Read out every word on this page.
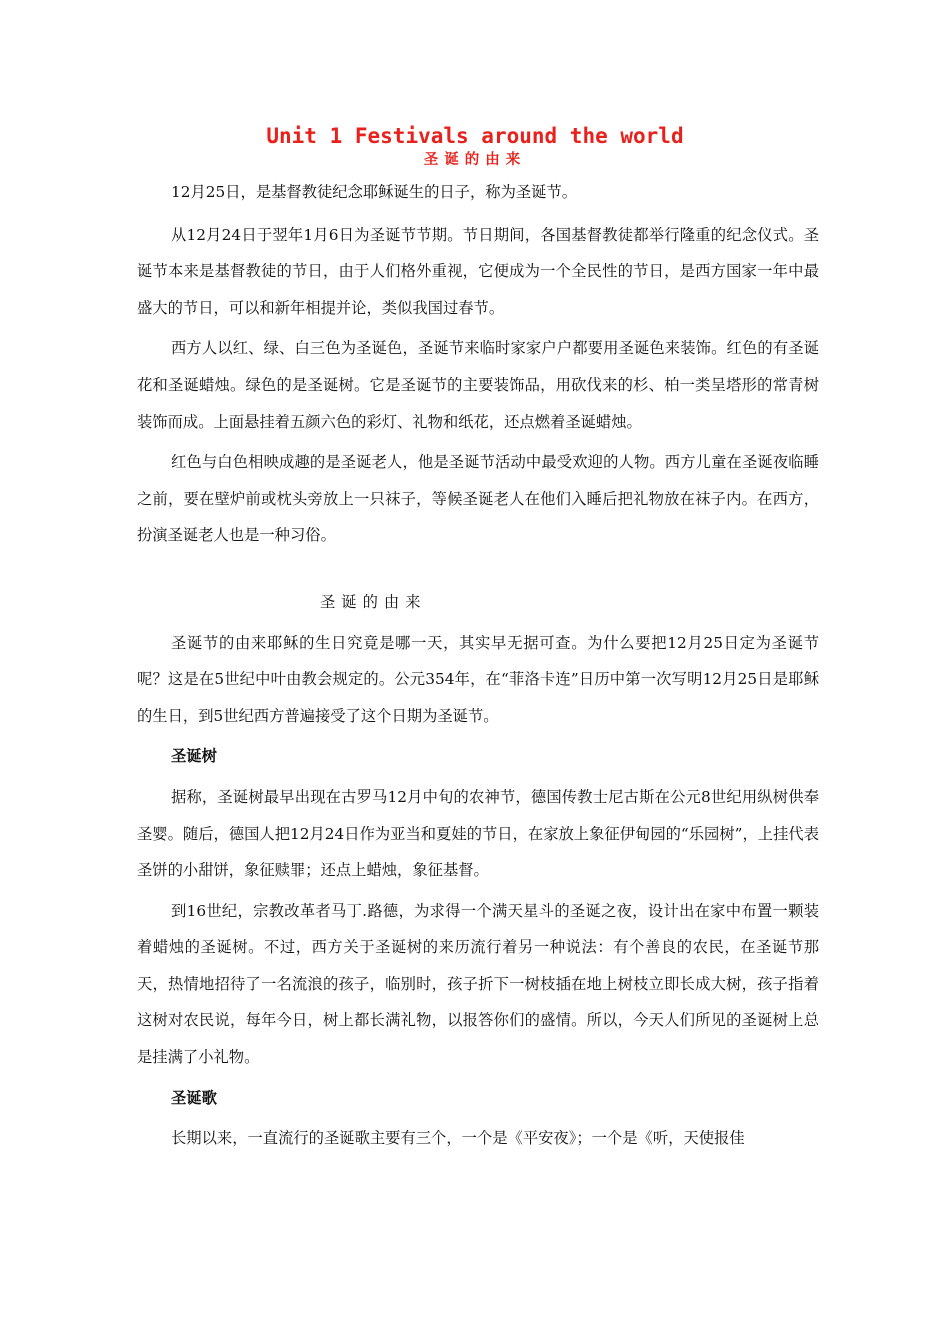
Unit 1 Festivals around the world
圣诞的由来

12月25日，是基督教徒纪念耶稣诞生的日子，称为圣诞节。

从12月24日于翌年1月6日为圣诞节节期。节日期间，各国基督教徒都举行隆重的纪念仪式。圣诞节本来是基督教徒的节日，由于人们格外重视，它便成为一个全民性的节日，是西方国家一年中最盛大的节日，可以和新年相提并论，类似我国过春节。

西方人以红、绿、白三色为圣诞色，圣诞节来临时家家户户都要用圣诞色来装饰。红色的有圣诞花和圣诞蜡烛。绿色的是圣诞树。它是圣诞节的主要装饰品，用砍伐来的杉、柏一类呈塔形的常青树装饰而成。上面悬挂着五颜六色的彩灯、礼物和纸花，还点燃着圣诞蜡烛。

红色与白色相映成趣的是圣诞老人，他是圣诞节活动中最受欢迎的人物。西方儿童在圣诞夜临睡之前，要在壁炉前或枕头旁放上一只袜子，等候圣诞老人在他们入睡后把礼物放在袜子内。在西方，扮演圣诞老人也是一种习俗。

圣诞的由来

圣诞节的由来耶稣的生日究竟是哪一天，其实早无据可查。为什么要把12月25日定为圣诞节呢？这是在5世纪中叶由教会规定的。公元354年，在“菲洛卡连”日历中第一次写明12月25日是耶稣的生日，到5世纪西方普遍接受了这个日期为圣诞节。

圣诞树

据称，圣诞树最早出现在古罗马12月中旬的农神节，德国传教士尼古斯在公元8世纪用纵树供奉圣婴。随后，德国人把12月24日作为亚当和夏娃的节日，在家放上象征伊甸园的“乐园树”，上挂代表圣饼的小甜饼，象征赎罪；还点上蜡烛，象征基督。

到16世纪，宗教改革者马丁.路德，为求得一个满天星斗的圣诞之夜，设计出在家中布置一颗装着蜡烛的圣诞树。不过，西方关于圣诞树的来历流行着另一种说法：有个善良的农民，在圣诞节那天，热情地招待了一名流浪的孩子，临别时，孩子折下一树枝插在地上树枝立即长成大树，孩子指着这树对农民说，每年今日，树上都长满礼物，以报答你们的盛情。所以，今天人们所见的圣诞树上总是挂满了小礼物。

圣诞歌

长期以来，一直流行的圣诞歌主要有三个，一个是《平安夜》；一个是《听，天使报佳
